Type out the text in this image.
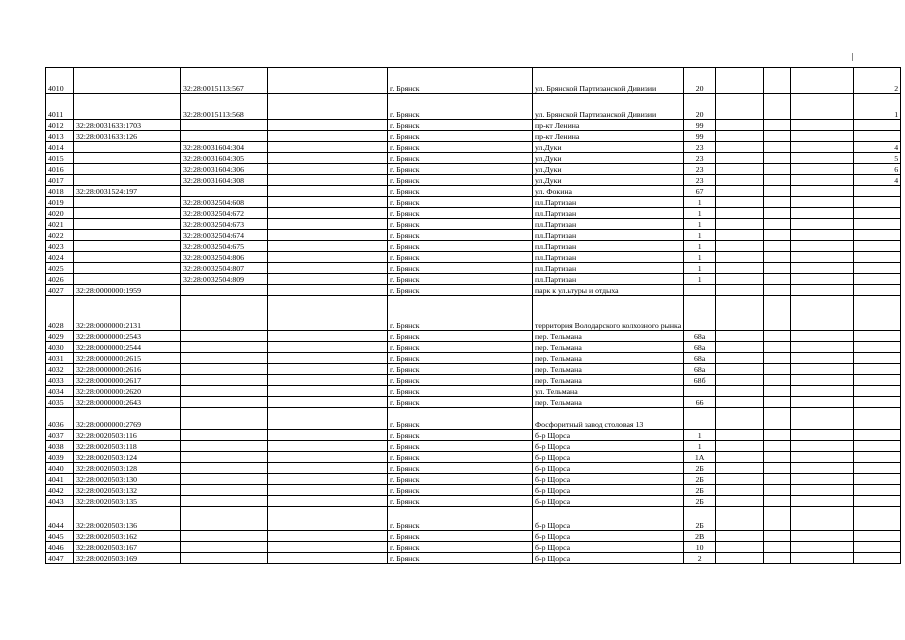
4010		32:28:0015113:567		г. Брянск	ул. Брянской Партизанской Дивизии	20				2
4011		32:28:0015113:568		г. Брянск	ул. Брянской Партизанской Дивизии	20				1
4012	32:28:0031633:1703			г. Брянск	пр-кт Ленина	99				
4013	32:28:0031633:126			г. Брянск	пр-кт Ленина	99				
4014		32:28:0031604:304		г. Брянск	ул.Дуки	23				4
4015		32:28:0031604:305		г. Брянск	ул.Дуки	23				5
4016		32:28:0031604:306		г. Брянск	ул.Дуки	23				6
4017		32:28:0031604:308		г. Брянск	ул.Дуки	23				4
4018	32:28:0031524:197			г. Брянск	ул. Фокина	67				
4019		32:28:0032504:608		г. Брянск	пл.Партизан	1				
4020		32:28:0032504:672		г. Брянск	пл.Партизан	1				
4021		32:28:0032504:673		г. Брянск	пл.Партизан	1				
4022		32:28:0032504:674		г. Брянск	пл.Партизан	1				
4023		32:28:0032504:675		г. Брянск	пл.Партизан	1				
4024		32:28:0032504:806		г. Брянск	пл.Партизан	1				
4025		32:28:0032504:807		г. Брянск	пл.Партизан	1				
4026		32:28:0032504:809		г. Брянск	пл.Партизан	1				
4027	32:28:0000000:1959			г. Брянск	парк к ул.ьтуры и отдыха					
4028	32:28:0000000:2131			г. Брянск	территория Володарского колхозного рынка					
4029	32:28:0000000:2543			г. Брянск	пер. Тельмана	68а				
4030	32:28:0000000:2544			г. Брянск	пер. Тельмана	68а				
4031	32:28:0000000:2615			г. Брянск	пер. Тельмана	68а				
4032	32:28:0000000:2616			г. Брянск	пер. Тельмана	68а				
4033	32:28:0000000:2617			г. Брянск	пер. Тельмана	68б				
4034	32:28:0000000:2620			г. Брянск	ул. Тельмана					
4035	32:28:0000000:2643			г. Брянск	пер. Тельмана	66				
4036	32:28:0000000:2769			г. Брянск	Фосфоритный завод столовая 13					
4037	32:28:0020503:116			г. Брянск	б-р Щорса	1				
4038	32:28:0020503:118			г. Брянск	б-р Щорса	1				
4039	32:28:0020503:124			г. Брянск	б-р Щорса	1А				
4040	32:28:0020503:128			г. Брянск	б-р Щорса	2Б				
4041	32:28:0020503:130			г. Брянск	б-р Щорса	2Б				
4042	32:28:0020503:132			г. Брянск	б-р Щорса	2Б				
4043	32:28:0020503:135			г. Брянск	б-р Щорса	2Б				
4044	32:28:0020503:136			г. Брянск	б-р Щорса	2Б				
4045	32:28:0020503:162			г. Брянск	б-р Щорса	2В				
4046	32:28:0020503:167			г. Брянск	б-р Щорса	10				
4047	32:28:0020503:169			г. Брянск	б-р Щорса	2				
